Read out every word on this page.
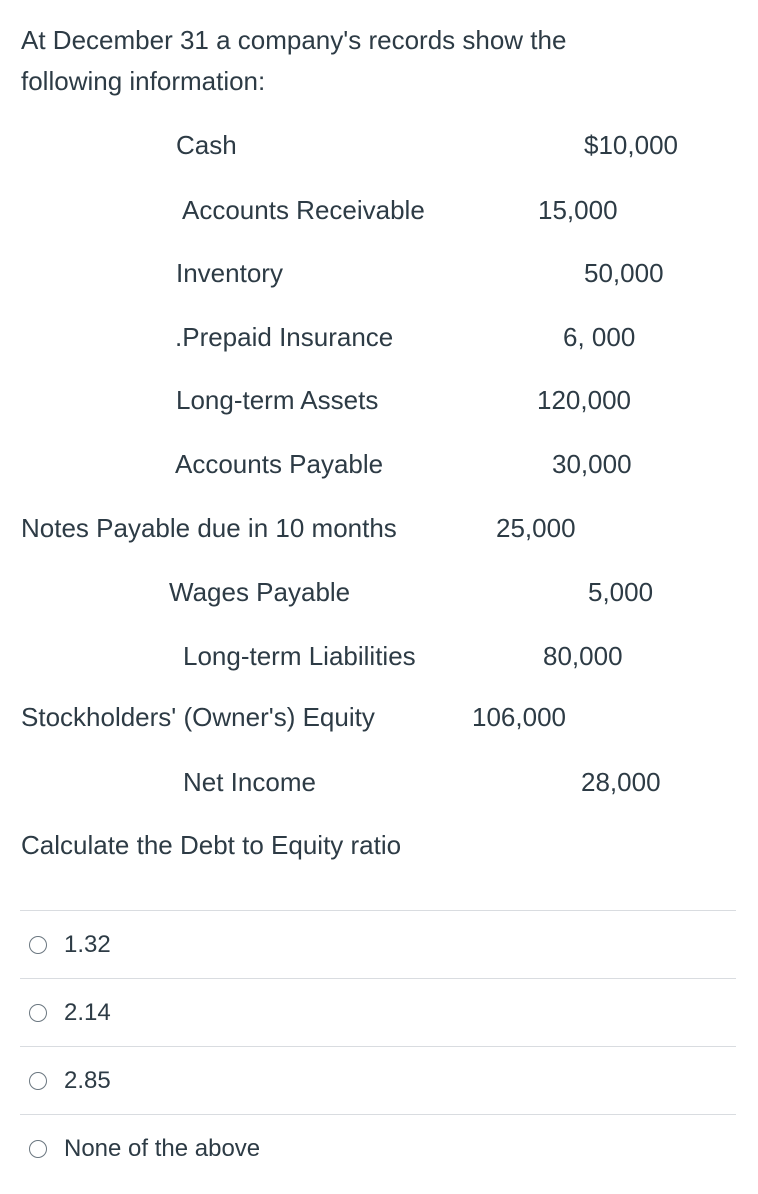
At December 31 a company's records show the following information:
Cash	$10,000
Accounts Receivable	15,000
Inventory	50,000
.Prepaid Insurance	6, 000
Long-term Assets	120,000
Accounts Payable	30,000
Notes Payable due in 10 months	25,000
Wages Payable	5,000
Long-term Liabilities	80,000
Stockholders' (Owner's) Equity	106,000
Net Income	28,000
Calculate the Debt to Equity ratio
1.32
2.14
2.85
None of the above
